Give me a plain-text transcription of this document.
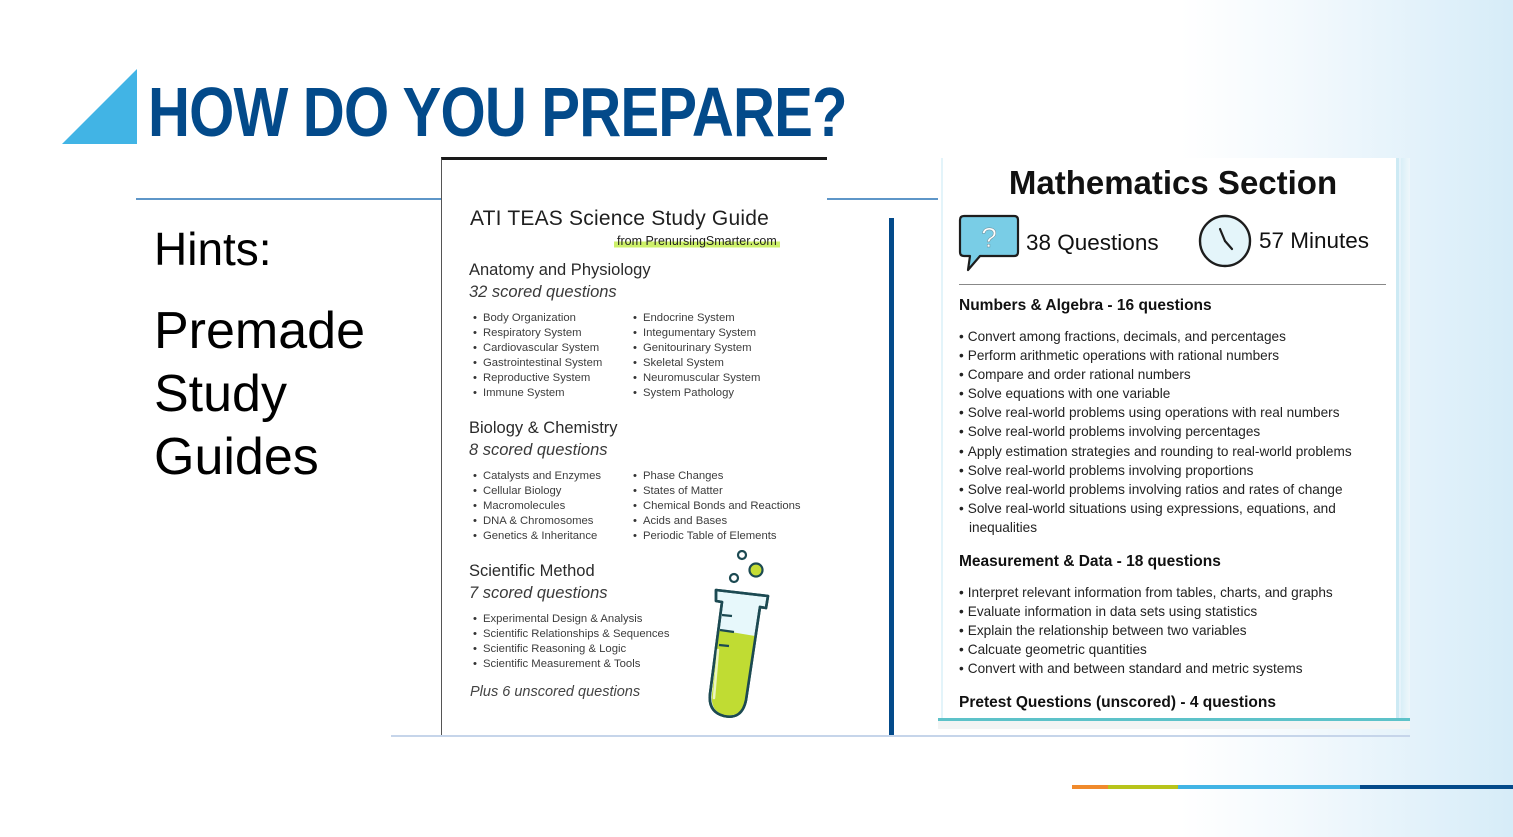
HOW DO YOU PREPARE?
Hints:
Premade
Study
Guides
ATI TEAS Science Study Guide
from PrenursingSmarter.com
Anatomy and Physiology
32 scored questions
• Body Organization	• Endocrine System
• Respiratory System	• Integumentary System
• Cardiovascular System	• Genitourinary System
• Gastrointestinal System	• Skeletal System
• Reproductive System	• Neuromuscular System
• Immune System	• System Pathology
Biology & Chemistry
8 scored questions
• Catalysts and Enzymes	• Phase Changes
• Cellular Biology	• States of Matter
• Macromolecules	• Chemical Bonds and Reactions
• DNA & Chromosomes	• Acids and Bases
• Genetics & Inheritance	• Periodic Table of Elements
Scientific Method
7 scored questions
• Experimental Design & Analysis
• Scientific Relationships & Sequences
• Scientific Reasoning & Logic
• Scientific Measurement & Tools
Plus 6 unscored questions
Mathematics Section
? 38 Questions	57 Minutes
Numbers & Algebra - 16 questions
• Convert among fractions, decimals, and percentages
• Perform arithmetic operations with rational numbers
• Compare and order rational numbers
• Solve equations with one variable
• Solve real-world problems using operations with real numbers
• Solve real-world problems involving percentages
• Apply estimation strategies and rounding to real-world problems
• Solve real-world problems involving proportions
• Solve real-world problems involving ratios and rates of change
• Solve real-world situations using expressions, equations, and inequalities
Measurement & Data - 18 questions
• Interpret relevant information from tables, charts, and graphs
• Evaluate information in data sets using statistics
• Explain the relationship between two variables
• Calcuate geometric quantities
• Convert with and between standard and metric systems
Pretest Questions (unscored) - 4 questions
